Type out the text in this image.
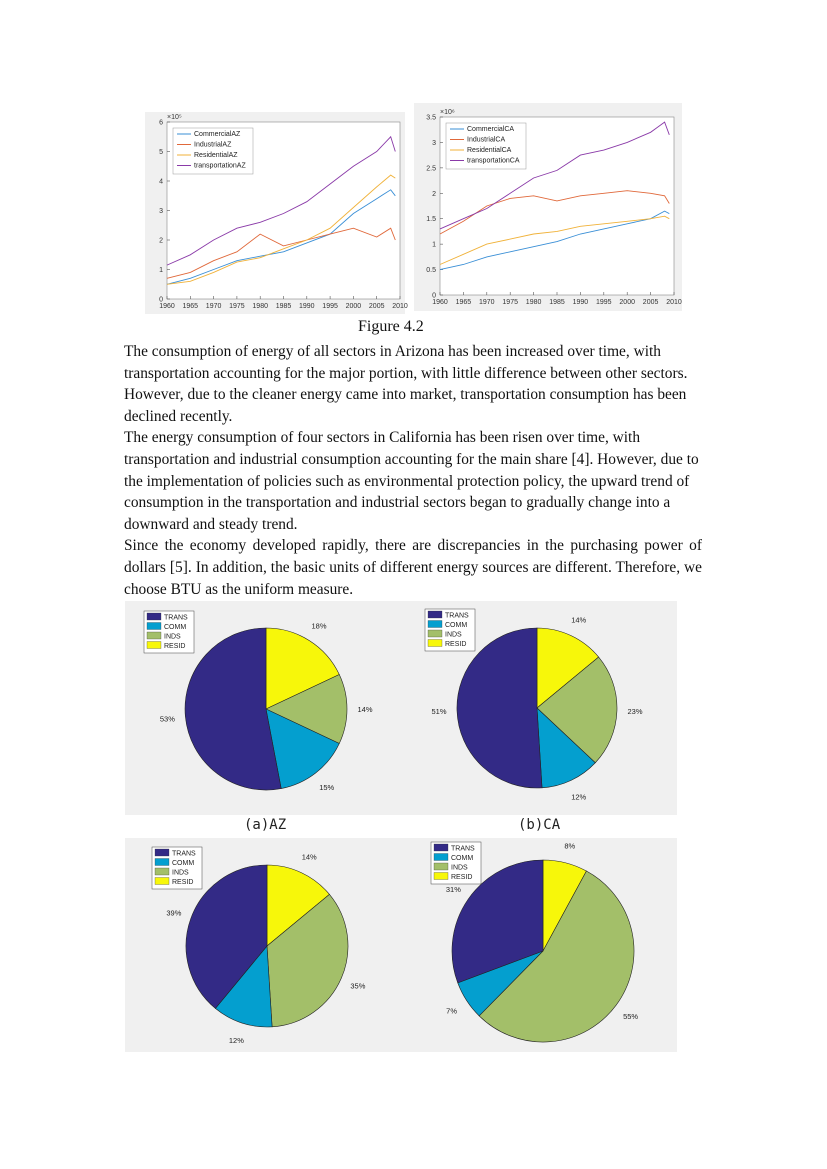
1960 1965 1970 1975 1980 1985 1990 1995 2000 2005 2010
0
1
2
3
4
5
6
×10⁵
CommercialAZ
IndustrialAZ
ResidentialAZ
transportationAZ
1960 1965 1970 1975 1980 1985 1990 1995 2000 2005 2010
0
0.5
1
1.5
2
2.5
3
3.5
×10⁶
CommercialCA
IndustrialCA
ResidentialCA
transportationCA
Figure 4.2

The consumption of energy of all sectors in Arizona has been increased over time, with transportation accounting for the major portion, with little difference between other sectors. However, due to the cleaner energy came into market, transportation consumption has been declined recently.

The energy consumption of four sectors in California has been risen over time, with transportation and industrial consumption accounting for the main share [4]. However, due to the implementation of policies such as environmental protection policy, the upward trend of consumption in the transportation and industrial sectors began to gradually change into a downward and steady trend.

Since the economy developed rapidly, there are discrepancies in the purchasing power of dollars [5]. In addition, the basic units of different energy sources are different. Therefore, we choose BTU as the uniform measure.

18%
14%
15%
53%
TRANS
COMM
INDS
RESID
14%
23%
12%
51%
TRANS
COMM
INDS
RESID
(a)AZ	(b)CA
14%
35%
12%
39%
TRANS
COMM
INDS
RESID
8%
55%
7%
31%
TRANS
COMM
INDS
RESID
